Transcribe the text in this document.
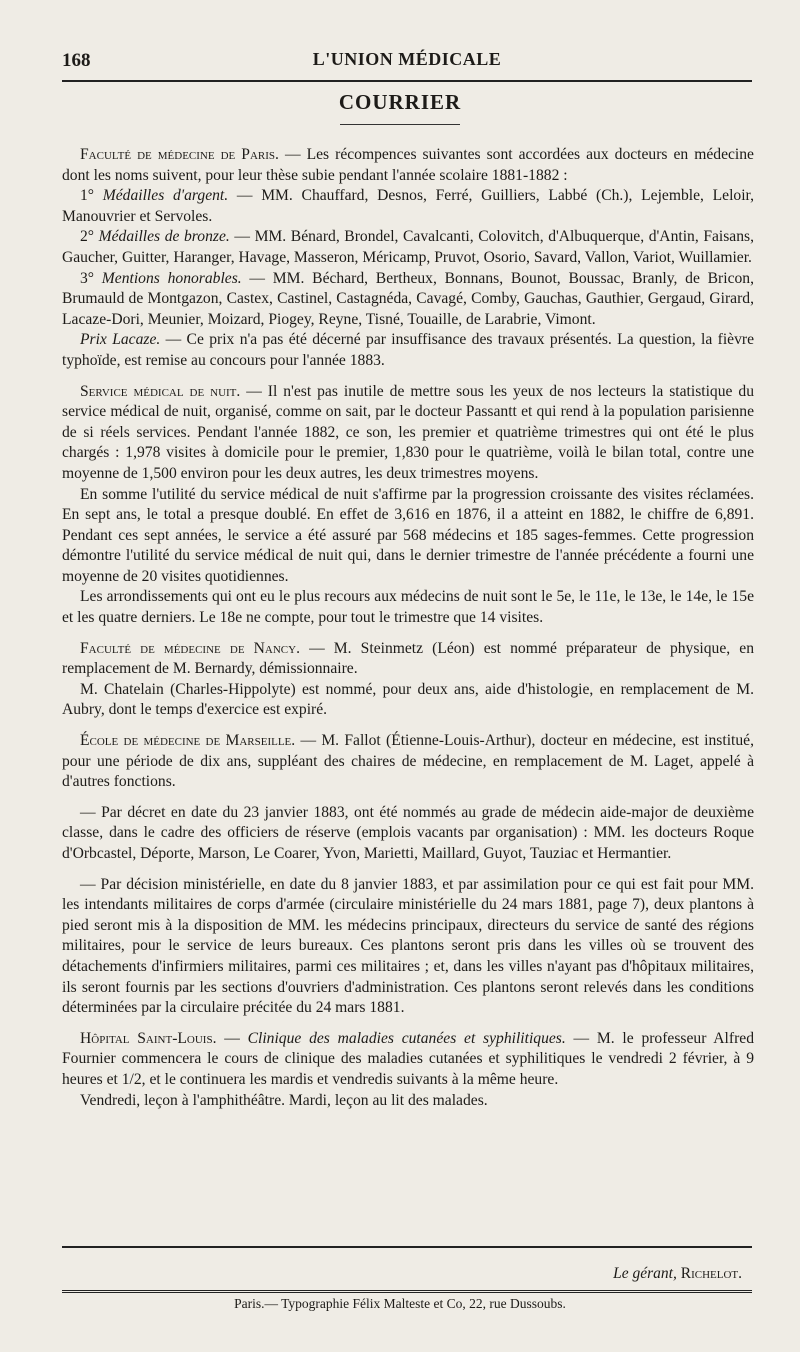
168	L'UNION MÉDICALE
COURRIER

Faculté de médecine de Paris. — Les récompences suivantes sont accordées aux docteurs en médecine dont les noms suivent, pour leur thèse subie pendant l'année scolaire 1881-1882 :

1° Médailles d'argent. — MM. Chauffard, Desnos, Ferré, Guilliers, Labbé (Ch.), Lejemble, Leloir, Manouvrier et Servoles.

2° Médailles de bronze. — MM. Bénard, Brondel, Cavalcanti, Colovitch, d'Albuquerque, d'Antin, Faisans, Gaucher, Guitter, Haranger, Havage, Masseron, Méricamp, Pruvot, Osorio, Savard, Vallon, Variot, Wuillamier.

3° Mentions honorables. — MM. Béchard, Bertheux, Bonnans, Bounot, Boussac, Branly, de Bricon, Brumauld de Montgazon, Castex, Castinel, Castagnéda, Cavagé, Comby, Gauchas, Gauthier, Gergaud, Girard, Lacaze-Dori, Meunier, Moizard, Piogey, Reyne, Tisné, Touaille, de Larabrie, Vimont.

Prix Lacaze. — Ce prix n'a pas été décerné par insuffisance des travaux présentés. La question, la fièvre typhoïde, est remise au concours pour l'année 1883.

Service médical de nuit. — Il n'est pas inutile de mettre sous les yeux de nos lecteurs la statistique du service médical de nuit, organisé, comme on sait, par le docteur Passantt et qui rend à la population parisienne de si réels services. Pendant l'année 1882, ce son, les premier et quatrième trimestres qui ont été le plus chargés : 1,978 visites à domicile pour le premier, 1,830 pour le quatrième, voilà le bilan total, contre une moyenne de 1,500 environ pour les deux autres, les deux trimestres moyens.

En somme l'utilité du service médical de nuit s'affirme par la progression croissante des visites réclamées. En sept ans, le total a presque doublé. En effet de 3,616 en 1876, il a atteint en 1882, le chiffre de 6,891. Pendant ces sept années, le service a été assuré par 568 médecins et 185 sages-femmes. Cette progression démontre l'utilité du service médical de nuit qui, dans le dernier trimestre de l'année précédente a fourni une moyenne de 20 visites quotidiennes.

Les arrondissements qui ont eu le plus recours aux médecins de nuit sont le 5e, le 11e, le 13e, le 14e, le 15e et les quatre derniers. Le 18e ne compte, pour tout le trimestre que 14 visites.

Faculté de médecine de Nancy. — M. Steinmetz (Léon) est nommé préparateur de physique, en remplacement de M. Bernardy, démissionnaire.

M. Chatelain (Charles-Hippolyte) est nommé, pour deux ans, aide d'histologie, en remplacement de M. Aubry, dont le temps d'exercice est expiré.

École de médecine de Marseille. — M. Fallot (Étienne-Louis-Arthur), docteur en médecine, est institué, pour une période de dix ans, suppléant des chaires de médecine, en remplacement de M. Laget, appelé à d'autres fonctions.

— Par décret en date du 23 janvier 1883, ont été nommés au grade de médecin aide-major de deuxième classe, dans le cadre des officiers de réserve (emplois vacants par organisation) : MM. les docteurs Roque d'Orbcastel, Déporte, Marson, Le Coarer, Yvon, Marietti, Maillard, Guyot, Tauziac et Hermantier.

— Par décision ministérielle, en date du 8 janvier 1883, et par assimilation pour ce qui est fait pour MM. les intendants militaires de corps d'armée (circulaire ministérielle du 24 mars 1881, page 7), deux plantons à pied seront mis à la disposition de MM. les médecins principaux, directeurs du service de santé des régions militaires, pour le service de leurs bureaux. Ces plantons seront pris dans les villes où se trouvent des détachements d'infirmiers militaires, parmi ces militaires ; et, dans les villes n'ayant pas d'hôpitaux militaires, ils seront fournis par les sections d'ouvriers d'administration. Ces plantons seront relevés dans les conditions déterminées par la circulaire précitée du 24 mars 1881.

Hôpital Saint-Louis. — Clinique des maladies cutanées et syphilitiques. — M. le professeur Alfred Fournier commencera le cours de clinique des maladies cutanées et syphilitiques le vendredi 2 février, à 9 heures et 1/2, et le continuera les mardis et vendredis suivants à la même heure.

Vendredi, leçon à l'amphithéâtre. Mardi, leçon au lit des malades.

Le gérant, Richelot.
Paris.— Typographie Félix Malteste et Co, 22, rue Dussoubs.
